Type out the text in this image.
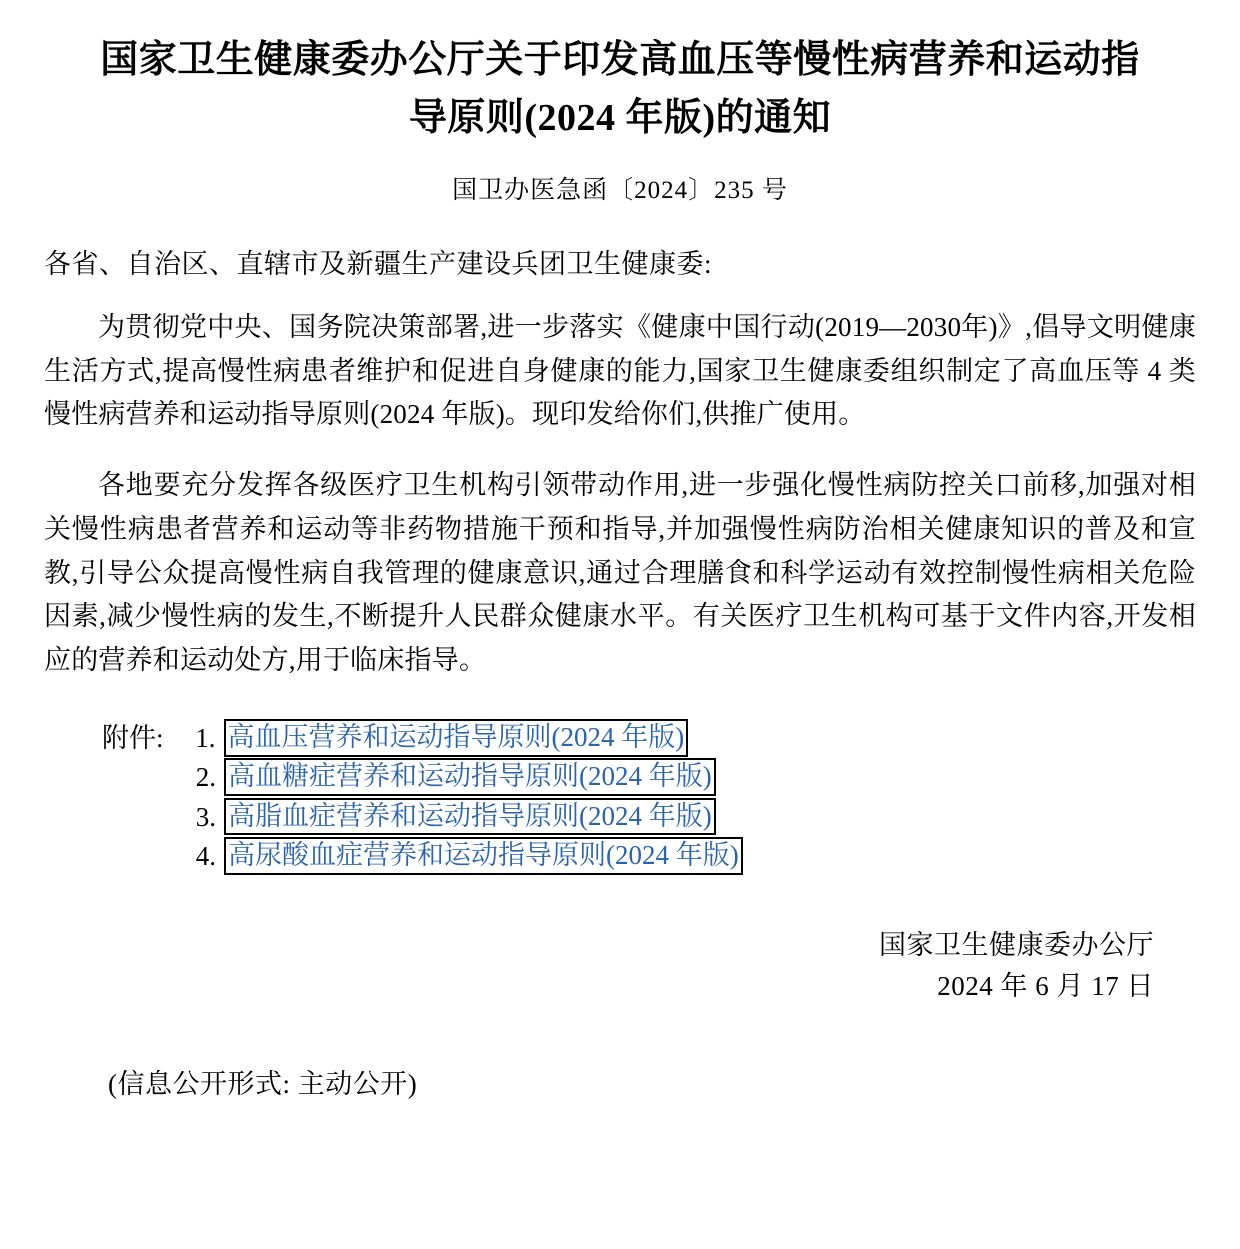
国家卫生健康委办公厅关于印发高血压等慢性病营养和运动指导原则(2024 年版)的通知
国卫办医急函〔2024〕235 号
各省、自治区、直辖市及新疆生产建设兵团卫生健康委:

为贯彻党中央、国务院决策部署,进一步落实《健康中国行动(2019—2030年)》,倡导文明健康生活方式,提高慢性病患者维护和促进自身健康的能力,国家卫生健康委组织制定了高血压等 4 类慢性病营养和运动指导原则(2024 年版)。现印发给你们,供推广使用。

各地要充分发挥各级医疗卫生机构引领带动作用,进一步强化慢性病防控关口前移,加强对相关慢性病患者营养和运动等非药物措施干预和指导,并加强慢性病防治相关健康知识的普及和宣教,引导公众提高慢性病自我管理的健康意识,通过合理膳食和科学运动有效控制慢性病相关危险因素,减少慢性病的发生,不断提升人民群众健康水平。有关医疗卫生机构可基于文件内容,开发相应的营养和运动处方,用于临床指导。

附件:	1. 高血压营养和运动指导原则(2024 年版)
2. 高血糖症营养和运动指导原则(2024 年版)
3. 高脂血症营养和运动指导原则(2024 年版)
4. 高尿酸血症营养和运动指导原则(2024 年版)
国家卫生健康委办公厅
2024 年 6 月 17 日
(信息公开形式: 主动公开)
